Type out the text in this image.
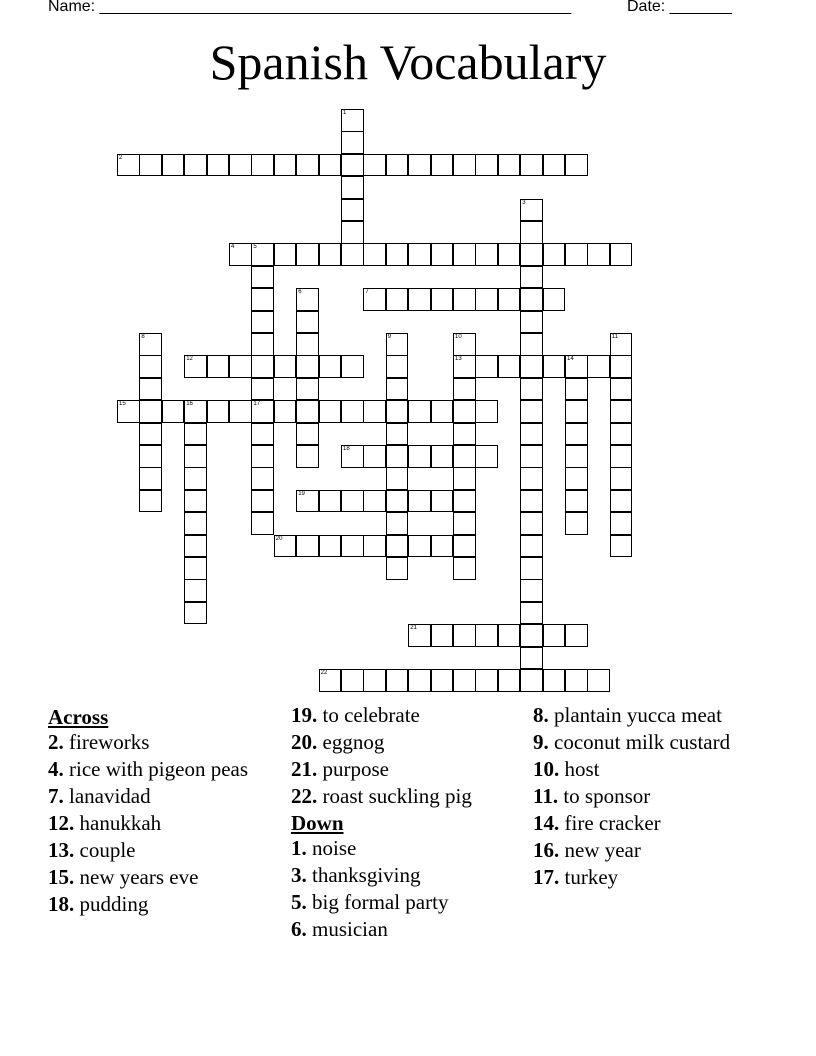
Name: _____________________________________________________	Date: _______
Spanish Vocabulary
2
4	5
7
12	13	14
15	16	17
18
19
20
21
22
1
3
6
8	9	10	11
Across
2. fireworks
4. rice with pigeon peas
7. lanavidad
12. hanukkah
13. couple
15. new years eve
18. pudding
19. to celebrate
20. eggnog
21. purpose
22. roast suckling pig
Down
1. noise
3. thanksgiving
5. big formal party
6. musician
8. plantain yucca meat
9. coconut milk custard
10. host
11. to sponsor
14. fire cracker
16. new year
17. turkey
